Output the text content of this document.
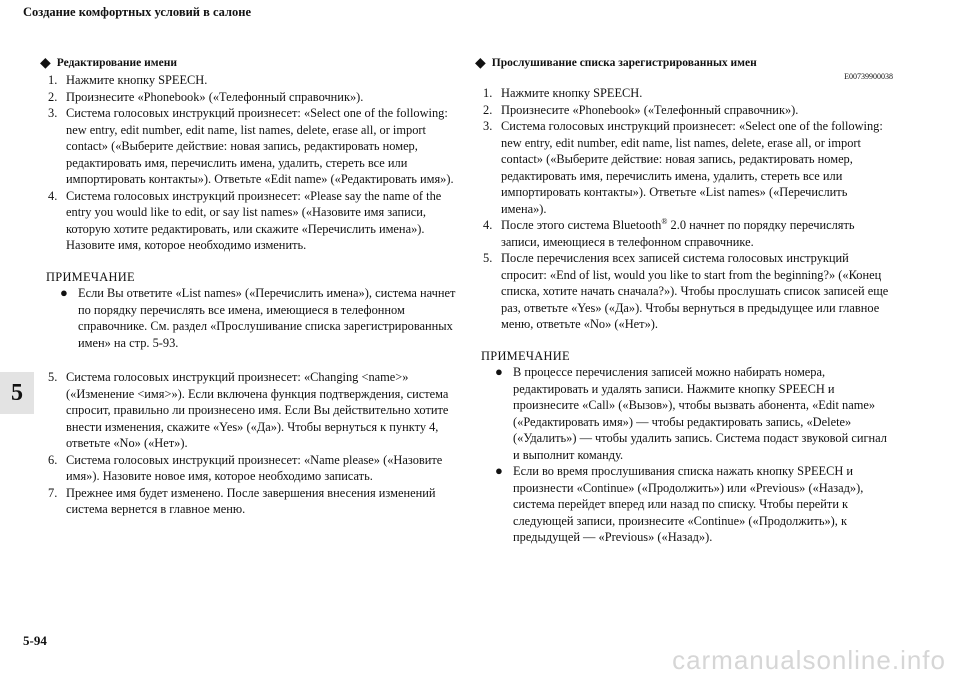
Создание комфортных условий в салоне
5
5-94
carmanualsonline.info
◆ Редактирование имени
1. Нажмите кнопку SPEECH.
2. Произнесите «Phonebook» («Телефонный справочник»).
3. Система голосовых инструкций произнесет: «Select one of the following: new entry, edit number, edit name, list names, delete, erase all, or import contact» («Выберите действие: новая запись, редактировать номер, редактировать имя, перечислить имена, удалить, стереть все или импортировать контакты»). Ответьте «Edit name» («Редактировать имя»).
4. Система голосовых инструкций произнесет: «Please say the name of the entry you would like to edit, or say list names» («Назовите имя записи, которую хотите редактировать, или скажите «Перечислить имена»). Назовите имя, которое необходимо изменить.
ПРИМЕЧАНИЕ
● Если Вы ответите «List names» («Перечислить имена»), система начнет по порядку перечислять все имена, имеющиеся в телефонном справочнике. См. раздел «Прослушивание списка зарегистрированных имен» на стр. 5-93.
5. Система голосовых инструкций произнесет: «Changing <name>» («Изменение <имя>»). Если включена функция подтверждения, система спросит, правильно ли произнесено имя. Если Вы действительно хотите внести изменения, скажите «Yes» («Да»). Чтобы вернуться к пункту 4, ответьте «No» («Нет»).
6. Система голосовых инструкций произнесет: «Name please» («Назовите имя»). Назовите новое имя, которое необходимо записать.
7. Прежнее имя будет изменено. После завершения внесения изменений система вернется в главное меню.
◆ Прослушивание списка зарегистрированных имен
E00739900038
1. Нажмите кнопку SPEECH.
2. Произнесите «Phonebook» («Телефонный справочник»).
3. Система голосовых инструкций произнесет: «Select one of the following: new entry, edit number, edit name, list names, delete, erase all, or import contact» («Выберите действие: новая запись, редактировать номер, редактировать имя, перечислить имена, удалить, стереть все или импортировать контакты»). Ответьте «List names» («Перечислить имена»).
4. После этого система Bluetooth® 2.0 начнет по порядку перечислять записи, имеющиеся в телефонном справочнике.
5. После перечисления всех записей система голосовых инструкций спросит: «End of list, would you like to start from the beginning?» («Конец списка, хотите начать сначала?»). Чтобы прослушать список записей еще раз, ответьте «Yes» («Да»). Чтобы вернуться в предыдущее или главное меню, ответьте «No» («Нет»).
ПРИМЕЧАНИЕ
● В процессе перечисления записей можно набирать номера, редактировать и удалять записи. Нажмите кнопку SPEECH и произнесите «Call» («Вызов»), чтобы вызвать абонента, «Edit name» («Редактировать имя») — чтобы редактировать запись, «Delete» («Удалить») — чтобы удалить запись. Система подаст звуковой сигнал и выполнит команду.
● Если во время прослушивания списка нажать кнопку SPEECH и произнести «Continue» («Продолжить») или «Previous» («Назад»), система перейдет вперед или назад по списку. Чтобы перейти к следующей записи, произнесите «Continue» («Продолжить»), к предыдущей — «Previous» («Назад»).
